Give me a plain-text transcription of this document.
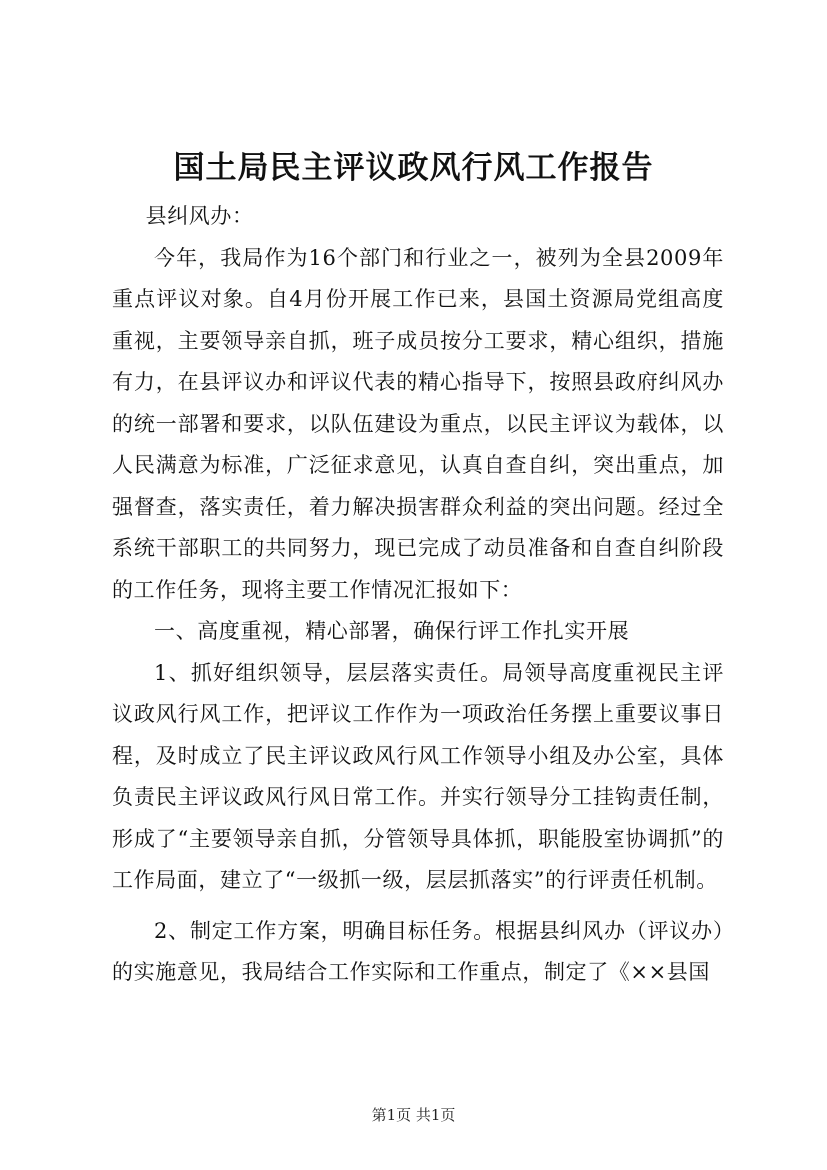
国土局民主评议政风行风工作报告

县纠风办：

今年，我局作为16个部门和行业之一，被列为全县2009年重点评议对象。自4月份开展工作已来，县国土资源局党组高度重视，主要领导亲自抓，班子成员按分工要求，精心组织，措施有力，在县评议办和评议代表的精心指导下，按照县政府纠风办的统一部署和要求，以队伍建设为重点，以民主评议为载体，以人民满意为标准，广泛征求意见，认真自查自纠，突出重点，加强督查，落实责任，着力解决损害群众利益的突出问题。经过全系统干部职工的共同努力，现已完成了动员准备和自查自纠阶段的工作任务，现将主要工作情况汇报如下：

一、高度重视，精心部署，确保行评工作扎实开展

1、抓好组织领导，层层落实责任。局领导高度重视民主评议政风行风工作，把评议工作作为一项政治任务摆上重要议事日程，及时成立了民主评议政风行风工作领导小组及办公室，具体负责民主评议政风行风日常工作。并实行领导分工挂钩责任制，形成了“主要领导亲自抓，分管领导具体抓，职能股室协调抓”的工作局面，建立了“一级抓一级，层层抓落实”的行评责任机制。

2、制定工作方案，明确目标任务。根据县纠风办（评议办）的实施意见，我局结合工作实际和工作重点，制定了《××县国

第1页 共1页
